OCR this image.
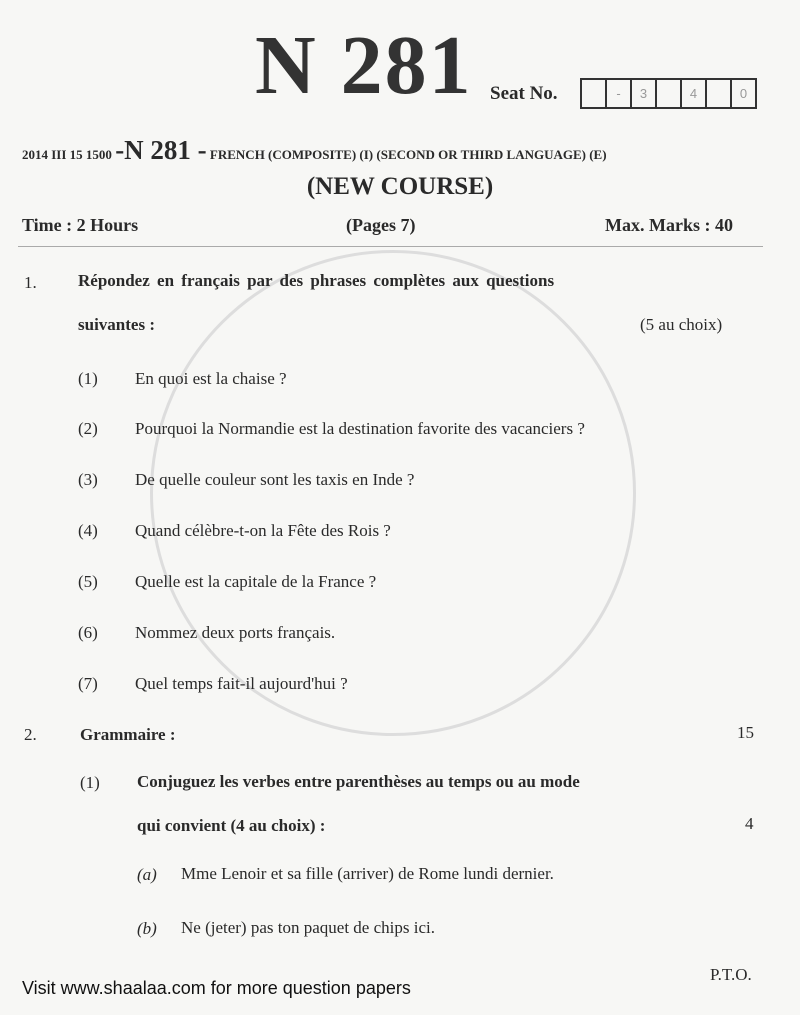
N 281 Seat No.	-	3	4	0
2014 III 15 1500 -N 281 - FRENCH (COMPOSITE) (I) (SECOND OR THIRD LANGUAGE) (E)
(NEW COURSE)
Time : 2 Hours	(Pages 7)	Max. Marks : 40
1. Répondez en français par des phrases complètes aux questions
suivantes :	(5 au choix)
(1) En quoi est la chaise ?
(2) Pourquoi la Normandie est la destination favorite des vacanciers ?
(3) De quelle couleur sont les taxis en Inde ?
(4) Quand célèbre-t-on la Fête des Rois ?
(5) Quelle est la capitale de la France ?
(6) Nommez deux ports français.
(7) Quel temps fait-il aujourd'hui ?
2.	Grammaire :	15
(1) Conjuguez les verbes entre parenthèses au temps ou au mode
qui convient (4 au choix) :	4
(a) Mme Lenoir et sa fille (arriver) de Rome lundi dernier.
(b) Ne (jeter) pas ton paquet de chips ici.
Visit www.shaalaa.com for more question papers
P.T.O.
